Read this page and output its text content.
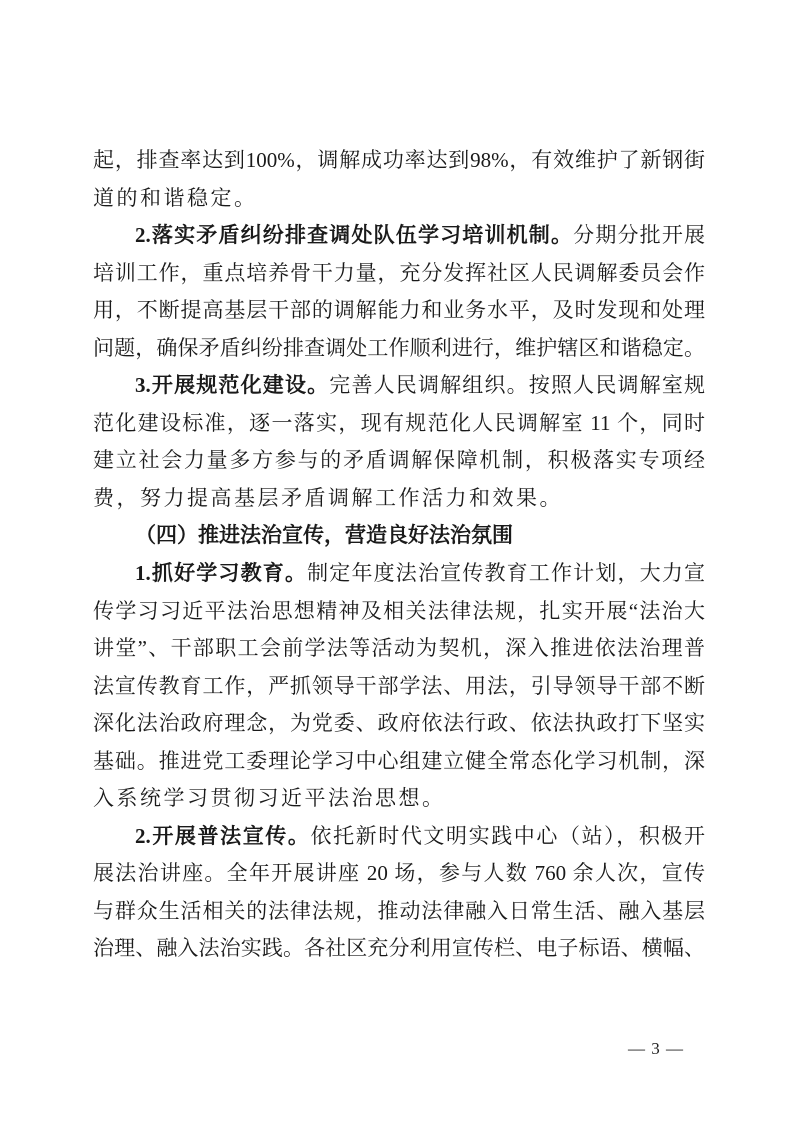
起，排查率达到100%，调解成功率达到98%，有效维护了新钢街
道的和谐稳定。
2.落实矛盾纠纷排查调处队伍学习培训机制。分期分批开展
培训工作，重点培养骨干力量，充分发挥社区人民调解委员会作
用，不断提高基层干部的调解能力和业务水平，及时发现和处理
问题，确保矛盾纠纷排查调处工作顺利进行，维护辖区和谐稳定。
3.开展规范化建设。完善人民调解组织。按照人民调解室规
范化建设标准，逐一落实，现有规范化人民调解室 11 个，同时
建立社会力量多方参与的矛盾调解保障机制，积极落实专项经
费，努力提高基层矛盾调解工作活力和效果。
（四）推进法治宣传，营造良好法治氛围
1.抓好学习教育。制定年度法治宣传教育工作计划，大力宣
传学习习近平法治思想精神及相关法律法规，扎实开展“法治大
讲堂”、干部职工会前学法等活动为契机，深入推进依法治理普
法宣传教育工作，严抓领导干部学法、用法，引导领导干部不断
深化法治政府理念，为党委、政府依法行政、依法执政打下坚实
基础。推进党工委理论学习中心组建立健全常态化学习机制，深
入系统学习贯彻习近平法治思想。
2.开展普法宣传。依托新时代文明实践中心（站），积极开
展法治讲座。全年开展讲座 20 场，参与人数 760 余人次，宣传
与群众生活相关的法律法规，推动法律融入日常生活、融入基层
治理、融入法治实践。各社区充分利用宣传栏、电子标语、横幅、
— 3 —
